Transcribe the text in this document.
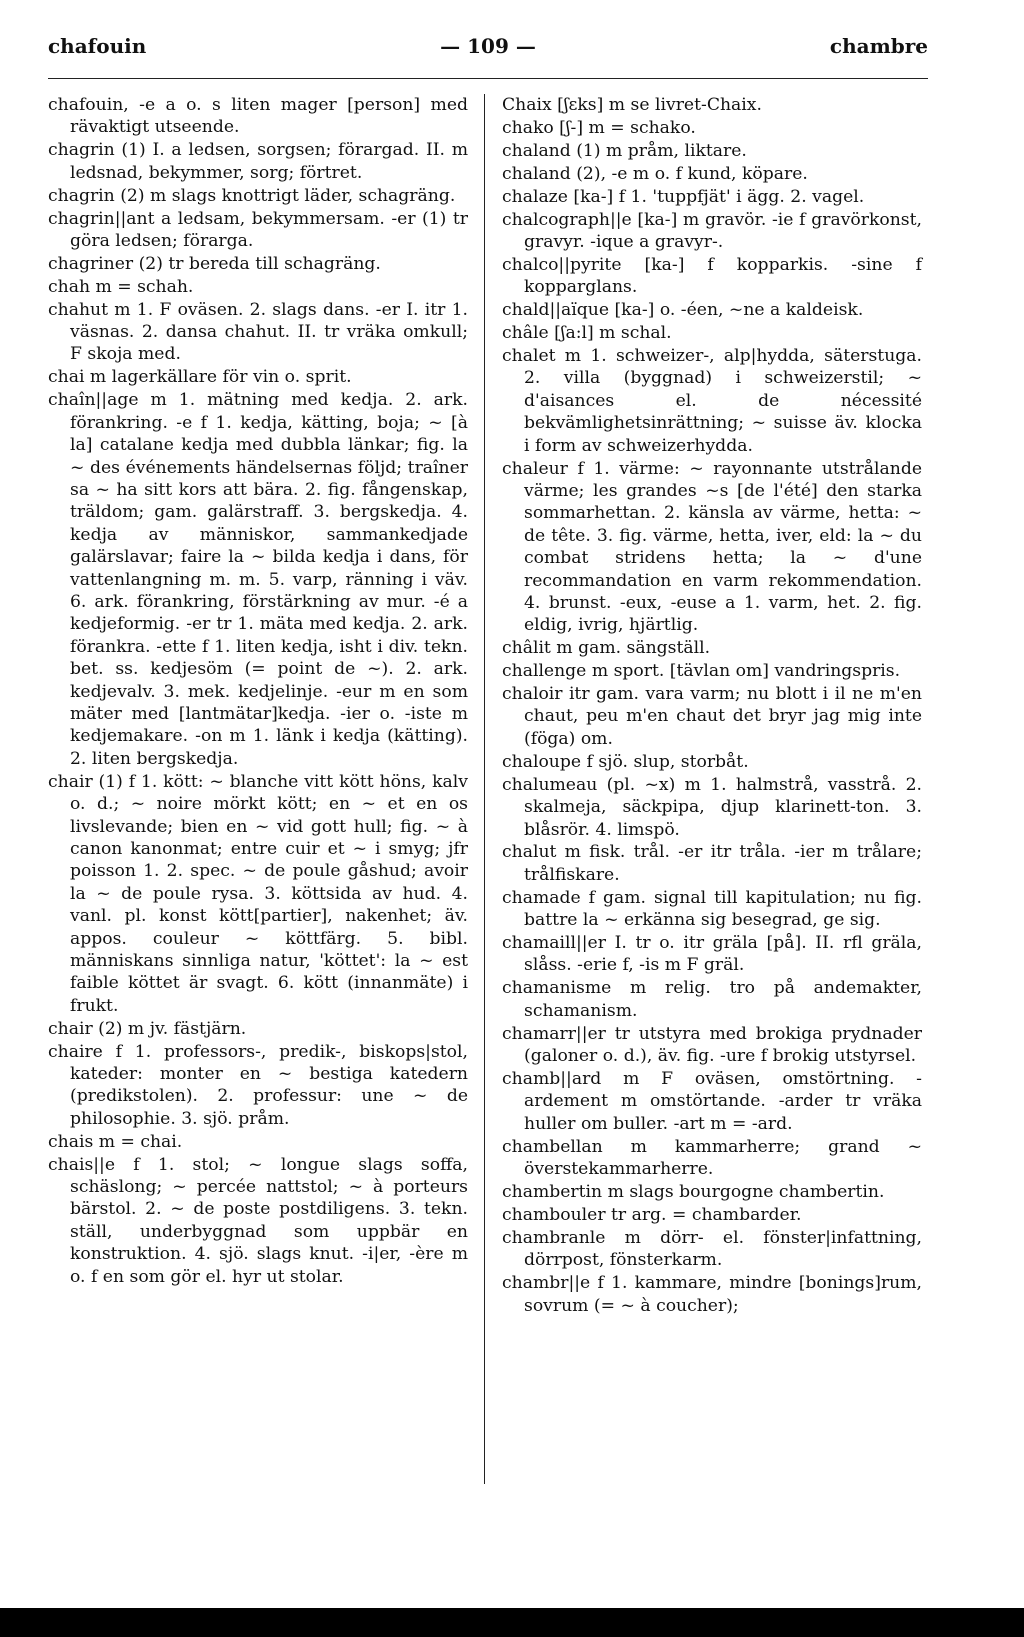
chafouin	— 109 —	chambre

chafouin, -e a o. s liten mager [person] med rävaktigt utseende.

chagrin (1) I. a ledsen, sorgsen; förargad. II. m ledsnad, bekymmer, sorg; förtret.

chagrin (2) m slags knottrigt läder, schagräng.

chagrin||ant a ledsam, bekymmersam. -er (1) tr göra ledsen; förarga.

chagriner (2) tr bereda till schagräng.

chah m = schah.

chahut m 1. F oväsen. 2. slags dans. -er I. itr 1. väsnas. 2. dansa chahut. II. tr vräka omkull; F skoja med.

chai m lagerkällare för vin o. sprit.

chaîn||age m 1. mätning med kedja. 2. ark. förankring. -e f 1. kedja, kätting, boja; ~ [à la] catalane kedja med dubbla länkar; fig. la ~ des événements händelsernas följd; traîner sa ~ ha sitt kors att bära. 2. fig. fångenskap, träldom; gam. galärstraff. 3. bergskedja. 4. kedja av människor, sammankedjade galärslavar; faire la ~ bilda kedja i dans, för vattenlangning m. m. 5. varp, ränning i väv. 6. ark. förankring, förstärkning av mur. -é a kedjeformig. -er tr 1. mäta med kedja. 2. ark. förankra. -ette f 1. liten kedja, isht i div. tekn. bet. ss. kedjesöm (= point de ~). 2. ark. kedjevalv. 3. mek. kedjelinje. -eur m en som mäter med [lantmätar]kedja. -ier o. -iste m kedjemakare. -on m 1. länk i kedja (kätting). 2. liten bergskedja.

chair (1) f 1. kött: ~ blanche vitt kött höns, kalv o. d.; ~ noire mörkt kött; en ~ et en os livslevande; bien en ~ vid gott hull; fig. ~ à canon kanonmat; entre cuir et ~ i smyg; jfr poisson 1. 2. spec. ~ de poule gåshud; avoir la ~ de poule rysa. 3. köttsida av hud. 4. vanl. pl. konst kött[partier], nakenhet; äv. appos. couleur ~ köttfärg. 5. bibl. människans sinnliga natur, 'köttet': la ~ est faible köttet är svagt. 6. kött (innanmäte) i frukt.

chair (2) m jv. fästjärn.

chaire f 1. professors-, predik-, biskops|stol, kateder: monter en ~ bestiga katedern (predikstolen). 2. professur: une ~ de philosophie. 3. sjö. pråm.

chais m = chai.

chais||e f 1. stol; ~ longue slags soffa, schäslong; ~ percée nattstol; ~ à porteurs bärstol. 2. ~ de poste postdiligens. 3. tekn. ställ, underbyggnad som uppbär en konstruktion. 4. sjö. slags knut. -i|er, -ère m o. f en som gör el. hyr ut stolar.

Chaix [ʃɛks] m se livret-Chaix.

chako [ʃ-] m = schako.

chaland (1) m pråm, liktare.

chaland (2), -e m o. f kund, köpare.

chalaze [ka-] f 1. 'tuppfjät' i ägg. 2. vagel.

chalcograph||e [ka-] m gravör. -ie f gravörkonst, gravyr. -ique a gravyr-.

chalco||pyrite [ka-] f kopparkis. -sine f kopparglans.

chald||aïque [ka-] o. -éen, ~ne a kaldeisk.

châle [ʃa:l] m schal.

chalet m 1. schweizer-, alp|hydda, säterstuga. 2. villa (byggnad) i schweizerstil; ~ d'aisances el. de nécessité bekvämlighetsinrättning; ~ suisse äv. klocka i form av schweizerhydda.

chaleur f 1. värme: ~ rayonnante utstrålande värme; les grandes ~s [de l'été] den starka sommarhettan. 2. känsla av värme, hetta: ~ de tête. 3. fig. värme, hetta, iver, eld: la ~ du combat stridens hetta; la ~ d'une recommandation en varm rekommendation. 4. brunst. -eux, -euse a 1. varm, het. 2. fig. eldig, ivrig, hjärtlig.

châlit m gam. sängställ.

challenge m sport. [tävlan om] vandringspris.

chaloir itr gam. vara varm; nu blott i il ne m'en chaut, peu m'en chaut det bryr jag mig inte (föga) om.

chaloupe f sjö. slup, storbåt.

chalumeau (pl. ~x) m 1. halmstrå, vasstrå. 2. skalmeja, säckpipa, djup klarinett-ton. 3. blåsrör. 4. limspö.

chalut m fisk. trål. -er itr tråla. -ier m trålare; trålfiskare.

chamade f gam. signal till kapitulation; nu fig. battre la ~ erkänna sig besegrad, ge sig.

chamaill||er I. tr o. itr gräla [på]. II. rfl gräla, slåss. -erie f, -is m F gräl.

chamanisme m relig. tro på andemakter, schamanism.

chamarr||er tr utstyra med brokiga prydnader (galoner o. d.), äv. fig. -ure f brokig utstyrsel.

chamb||ard m F oväsen, omstörtning. -ardement m omstörtande. -arder tr vräka huller om buller. -art m = -ard.

chambellan m kammarherre; grand ~ överstekammarherre.

chambertin m slags bourgogne chambertin.

chambouler tr arg. = chambarder.

chambranle m dörr- el. fönster|infattning, dörrpost, fönsterkarm.

chambr||e f 1. kammare, mindre [bonings]rum, sovrum (= ~ à coucher);
